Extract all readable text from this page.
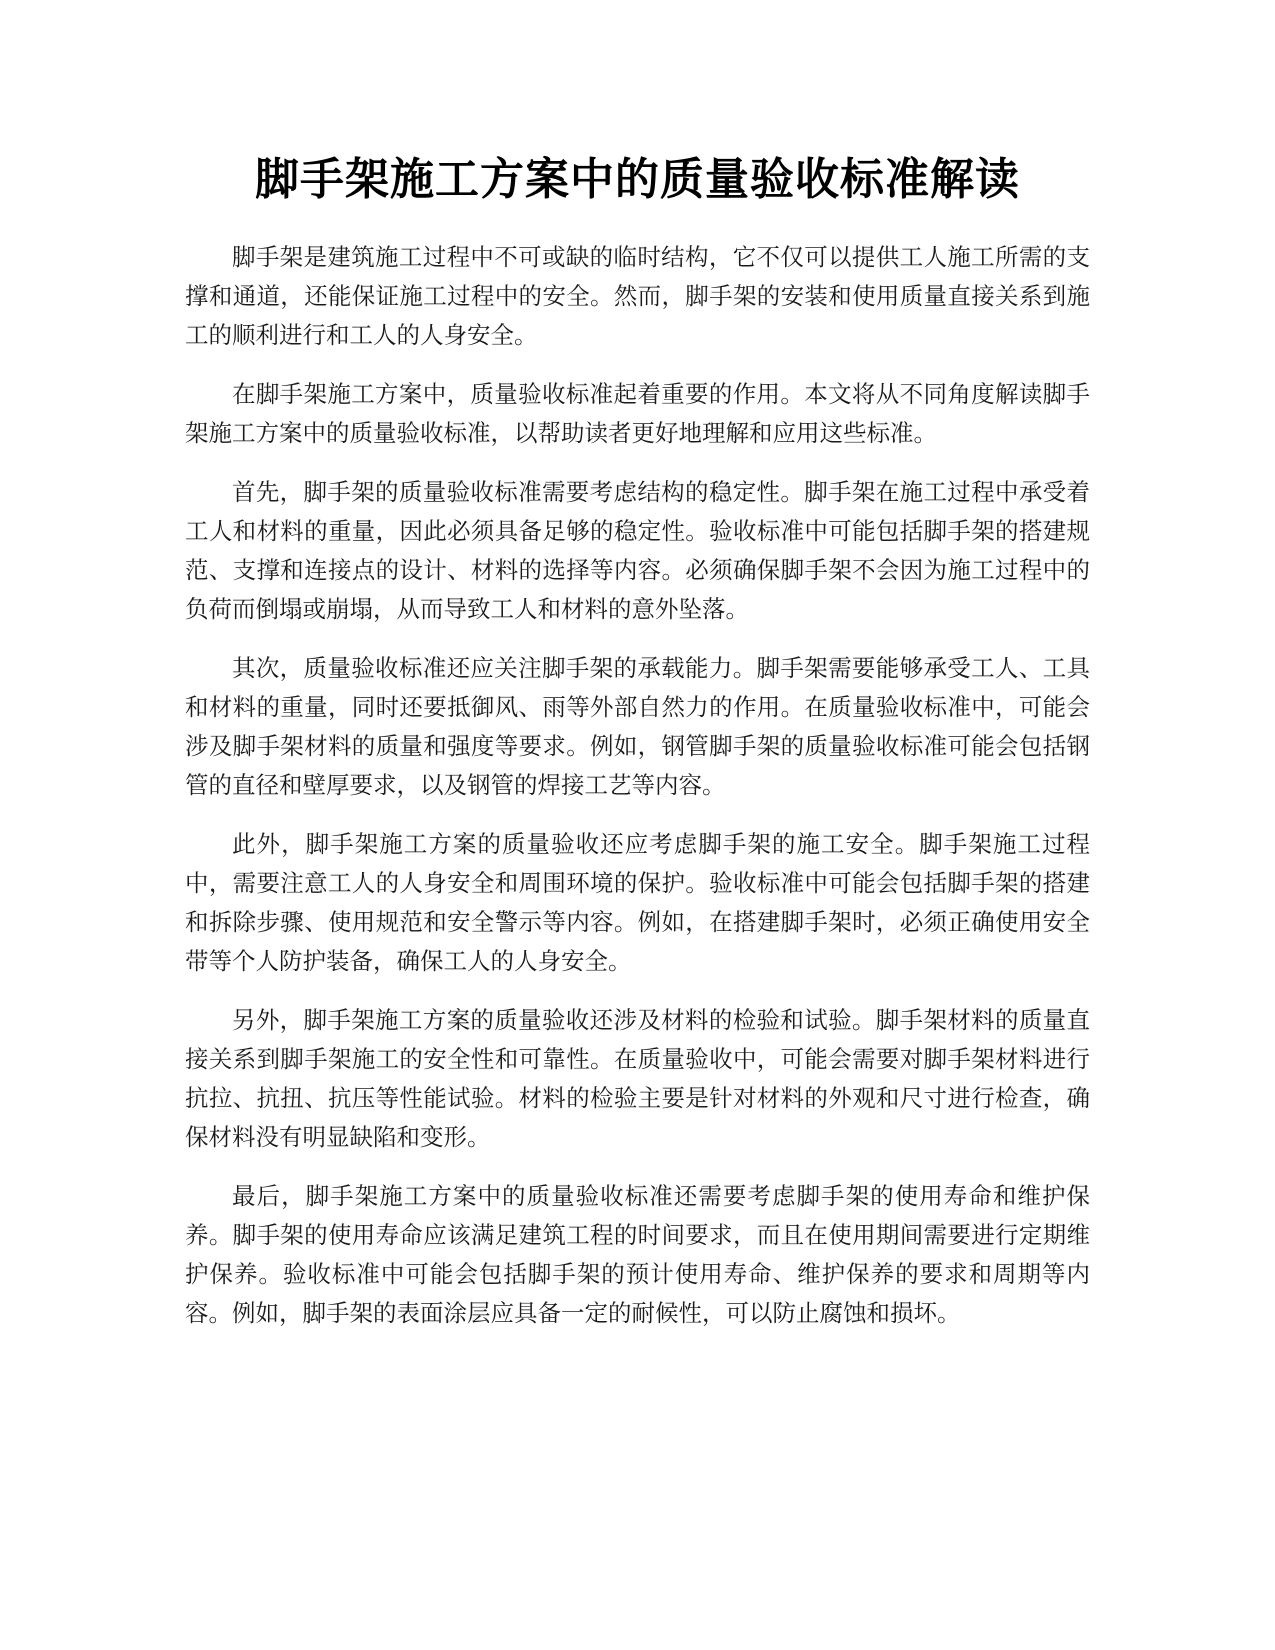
脚手架施工方案中的质量验收标准解读

脚手架是建筑施工过程中不可或缺的临时结构，它不仅可以提供工人施工所需的支撑和通道，还能保证施工过程中的安全。然而，脚手架的安装和使用质量直接关系到施工的顺利进行和工人的人身安全。

在脚手架施工方案中，质量验收标准起着重要的作用。本文将从不同角度解读脚手架施工方案中的质量验收标准，以帮助读者更好地理解和应用这些标准。

首先，脚手架的质量验收标准需要考虑结构的稳定性。脚手架在施工过程中承受着工人和材料的重量，因此必须具备足够的稳定性。验收标准中可能包括脚手架的搭建规范、支撑和连接点的设计、材料的选择等内容。必须确保脚手架不会因为施工过程中的负荷而倒塌或崩塌，从而导致工人和材料的意外坠落。

其次，质量验收标准还应关注脚手架的承载能力。脚手架需要能够承受工人、工具和材料的重量，同时还要抵御风、雨等外部自然力的作用。在质量验收标准中，可能会涉及脚手架材料的质量和强度等要求。例如，钢管脚手架的质量验收标准可能会包括钢管的直径和壁厚要求，以及钢管的焊接工艺等内容。

此外，脚手架施工方案的质量验收还应考虑脚手架的施工安全。脚手架施工过程中，需要注意工人的人身安全和周围环境的保护。验收标准中可能会包括脚手架的搭建和拆除步骤、使用规范和安全警示等内容。例如，在搭建脚手架时，必须正确使用安全带等个人防护装备，确保工人的人身安全。

另外，脚手架施工方案的质量验收还涉及材料的检验和试验。脚手架材料的质量直接关系到脚手架施工的安全性和可靠性。在质量验收中，可能会需要对脚手架材料进行抗拉、抗扭、抗压等性能试验。材料的检验主要是针对材料的外观和尺寸进行检查，确保材料没有明显缺陷和变形。

最后，脚手架施工方案中的质量验收标准还需要考虑脚手架的使用寿命和维护保养。脚手架的使用寿命应该满足建筑工程的时间要求，而且在使用期间需要进行定期维护保养。验收标准中可能会包括脚手架的预计使用寿命、维护保养的要求和周期等内容。例如，脚手架的表面涂层应具备一定的耐候性，可以防止腐蚀和损坏。
